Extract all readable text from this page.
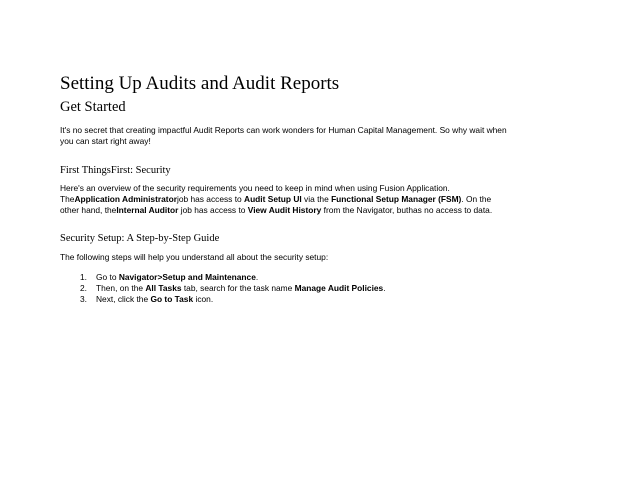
Setting Up Audits and Audit Reports
Get Started
It's no secret that creating impactful Audit Reports can work wonders for Human Capital Management. So why wait when
you can start right away!
First ThingsFirst: Security
Here's an overview of the security requirements you need to keep in mind when using Fusion Application.
TheApplication Administratorjob has access to Audit Setup UI via the Functional Setup Manager (FSM). On the
other hand, theInternal Auditor job has access to View Audit History from the Navigator, buthas no access to data.
Security Setup: A Step-by-Step Guide
The following steps will help you understand all about the security setup:
1. Go to Navigator>Setup and Maintenance.
2. Then, on the All Tasks tab, search for the task name Manage Audit Policies.
3. Next, click the Go to Task icon.
